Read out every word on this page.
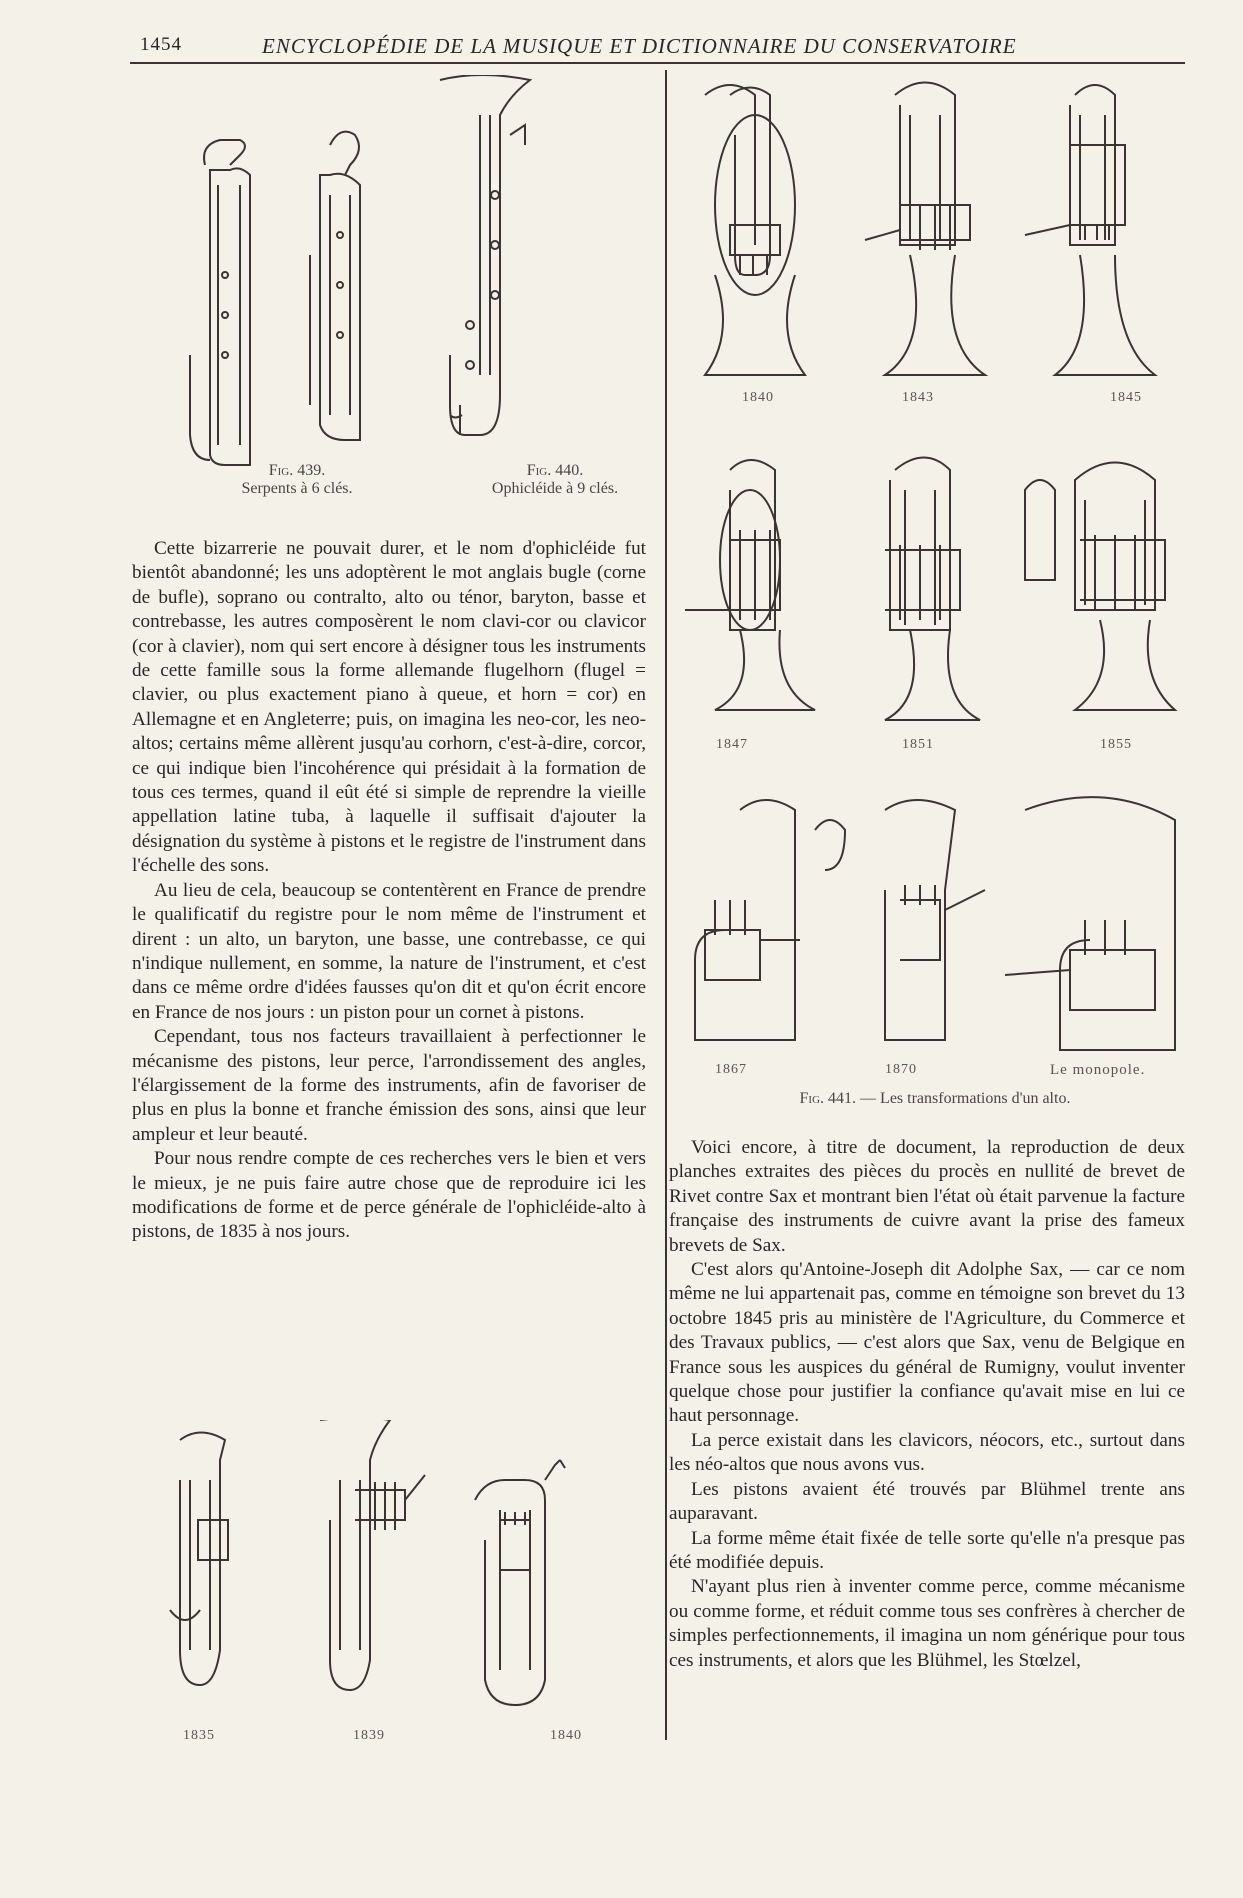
1454	ENCYCLOPÉDIE DE LA MUSIQUE ET DICTIONNAIRE DU CONSERVATOIRE
Fig. 439.
Serpents à 6 clés.
Fig. 440.
Ophicléide à 9 clés.

Cette bizarrerie ne pouvait durer, et le nom d'ophicléide fut bientôt abandonné; les uns adoptèrent le mot anglais bugle (corne de bufle), soprano ou contralto, alto ou ténor, baryton, basse et contrebasse, les autres composèrent le nom clavi-cor ou clavicor (cor à clavier), nom qui sert encore à désigner tous les instruments de cette famille sous la forme allemande flugelhorn (flugel = clavier, ou plus exactement piano à queue, et horn = cor) en Allemagne et en Angleterre; puis, on imagina les neo-cor, les neo-altos; certains même allèrent jusqu'au corhorn, c'est-à-dire, corcor, ce qui indique bien l'incohérence qui présidait à la formation de tous ces termes, quand il eût été si simple de reprendre la vieille appellation latine tuba, à laquelle il suffisait d'ajouter la désignation du système à pistons et le registre de l'instrument dans l'échelle des sons.

Au lieu de cela, beaucoup se contentèrent en France de prendre le qualificatif du registre pour le nom même de l'instrument et dirent : un alto, un baryton, une basse, une contrebasse, ce qui n'indique nullement, en somme, la nature de l'instrument, et c'est dans ce même ordre d'idées fausses qu'on dit et qu'on écrit encore en France de nos jours : un piston pour un cornet à pistons.

Cependant, tous nos facteurs travaillaient à perfectionner le mécanisme des pistons, leur perce, l'arrondissement des angles, l'élargissement de la forme des instruments, afin de favoriser de plus en plus la bonne et franche émission des sons, ainsi que leur ampleur et leur beauté.

Pour nous rendre compte de ces recherches vers le bien et vers le mieux, je ne puis faire autre chose que de reproduire ici les modifications de forme et de perce générale de l'ophicléide-alto à pistons, de 1835 à nos jours.

1835	1839	1840
1840	1843	1845
1847	1851	1855
1867	1870	Le monopole.
Fig. 441. — Les transformations d'un alto.

Voici encore, à titre de document, la reproduction de deux planches extraites des pièces du procès en nullité de brevet de Rivet contre Sax et montrant bien l'état où était parvenue la facture française des instruments de cuivre avant la prise des fameux brevets de Sax.

C'est alors qu'Antoine-Joseph dit Adolphe Sax, — car ce nom même ne lui appartenait pas, comme en témoigne son brevet du 13 octobre 1845 pris au ministère de l'Agriculture, du Commerce et des Travaux publics, — c'est alors que Sax, venu de Belgique en France sous les auspices du général de Rumigny, voulut inventer quelque chose pour justifier la confiance qu'avait mise en lui ce haut personnage.

La perce existait dans les clavicors, néocors, etc., surtout dans les néo-altos que nous avons vus.

Les pistons avaient été trouvés par Blühmel trente ans auparavant.

La forme même était fixée de telle sorte qu'elle n'a presque pas été modifiée depuis.

N'ayant plus rien à inventer comme perce, comme mécanisme ou comme forme, et réduit comme tous ses confrères à chercher de simples perfectionnements, il imagina un nom générique pour tous ces instruments, et alors que les Blühmel, les Stœlzel,
